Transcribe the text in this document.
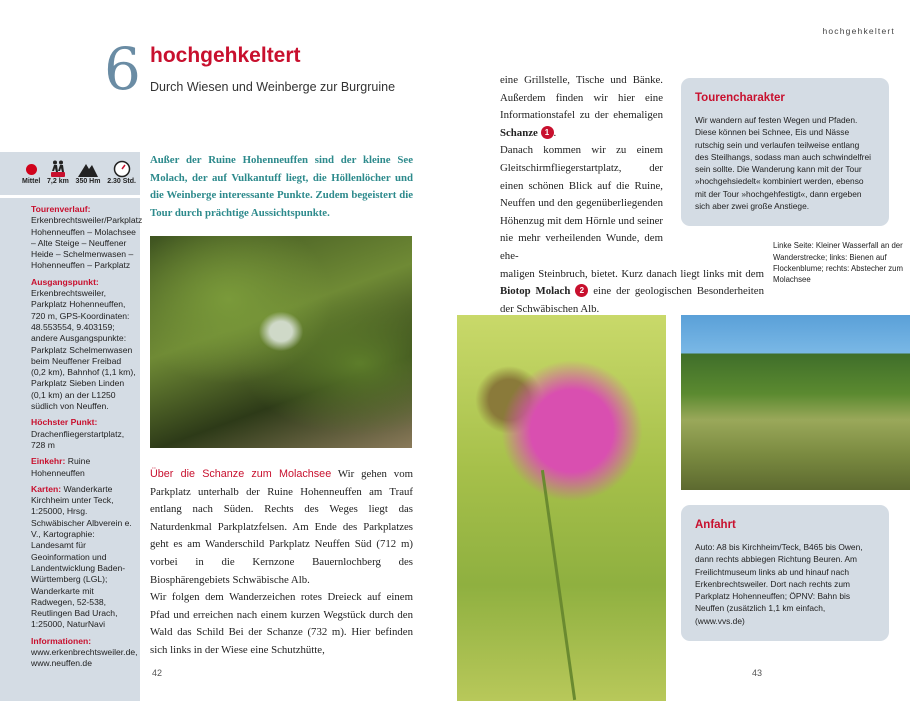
hochgehkeltert
6 hochgehkeltert
Durch Wiesen und Weinberge zur Burgruine
Mittel 7,2 km 350 Hm 2.30 Std.

Tourenverlauf: Erkenbrechtsweiler/Parkplatz Hohenneuffen – Molachsee – Alte Steige – Neuffener Heide – Schelmenwasen – Hohenneuffen – Parkplatz

Ausgangspunkt: Erkenbrechtsweiler, Parkplatz Hohenneuffen, 720 m, GPS-Koordinaten: 48.553554, 9.403159; andere Ausgangspunkte: Parkplatz Schelmenwasen beim Neuffener Freibad (0,2 km), Bahnhof (1,1 km), Parkplatz Sieben Linden (0,1 km) an der L1250 südlich von Neuffen.

Höchster Punkt: Drachenfliegerstartplatz, 728 m

Einkehr: Ruine Hohenneuffen

Karten: Wanderkarte Kirchheim unter Teck, 1:25000, Hrsg. Schwäbischer Albverein e. V., Kartographie: Landesamt für Geoinformation und Landentwicklung Baden-Württemberg (LGL); Wanderkarte mit Radwegen, 52-538, Reutlingen Bad Urach, 1:25000, NaturNavi

Informationen: www.erkenbrechtsweiler.de, www.neuffen.de

Außer der Ruine Hohenneuffen sind der kleine See Molach, der auf Vulkantuff liegt, die Höllenlöcher und die Weinberge interessante Punkte. Zudem begeistert die Tour durch prächtige Aussichtspunkte.
Über die Schanze zum Molachsee Wir gehen vom Parkplatz unterhalb der Ruine Hohenneuffen am Trauf entlang nach Süden. Rechts des Weges liegt das Naturdenkmal Parkplatzfelsen. Am Ende des Parkplatzes geht es am Wanderschild Parkplatz Neuffen Süd (712 m) vorbei in die Kernzone Bauernlochberg des Biosphärengebiets Schwäbische Alb.
Wir folgen dem Wanderzeichen rotes Dreieck auf einem Pfad und erreichen nach einem kurzen Wegstück durch den Wald das Schild Bei der Schanze (732 m). Hier befinden sich links in der Wiese eine Schutzhütte,
42
eine Grillstelle, Tische und Bänke. Außerdem finden wir hier eine Informationstafel zu der ehemaligen Schanze 1 .
Danach kommen wir zu einem Gleitschirmfliegerstartplatz, der einen schönen Blick auf die Ruine, Neuffen und den gegenüberliegenden Höhenzug mit dem Hörnle und seiner nie mehr verheilenden Wunde, dem ehe-
maligen Steinbruch, bietet. Kurz danach liegt links mit dem Biotop Molach 2 eine der geologischen Besonderheiten der Schwäbischen Alb.
Tourencharakter

Wir wandern auf festen Wegen und Pfaden. Diese können bei Schnee, Eis und Nässe rutschig sein und verlaufen teilweise entlang des Steilhangs, sodass man auch schwindelfrei sein sollte. Die Wanderung kann mit der Tour »hochgehsiedelt« kombiniert werden, ebenso mit der Tour »hochgehfestigt«, dann ergeben sich aber zwei große Anstiege.

Linke Seite: Kleiner Wasserfall an der Wanderstrecke; links: Bienen auf Flockenblume; rechts: Abstecher zum Molachsee
Anfahrt

Auto: A8 bis Kirchheim/Teck, B465 bis Owen, dann rechts abbiegen Richtung Beuren. Am Freilichtmuseum links ab und hinauf nach Erkenbrechtsweiler. Dort nach rechts zum Parkplatz Hohenneuffen; ÖPNV: Bahn bis Neuffen (zusätzlich 1,1 km einfach, (www.vvs.de)

43
